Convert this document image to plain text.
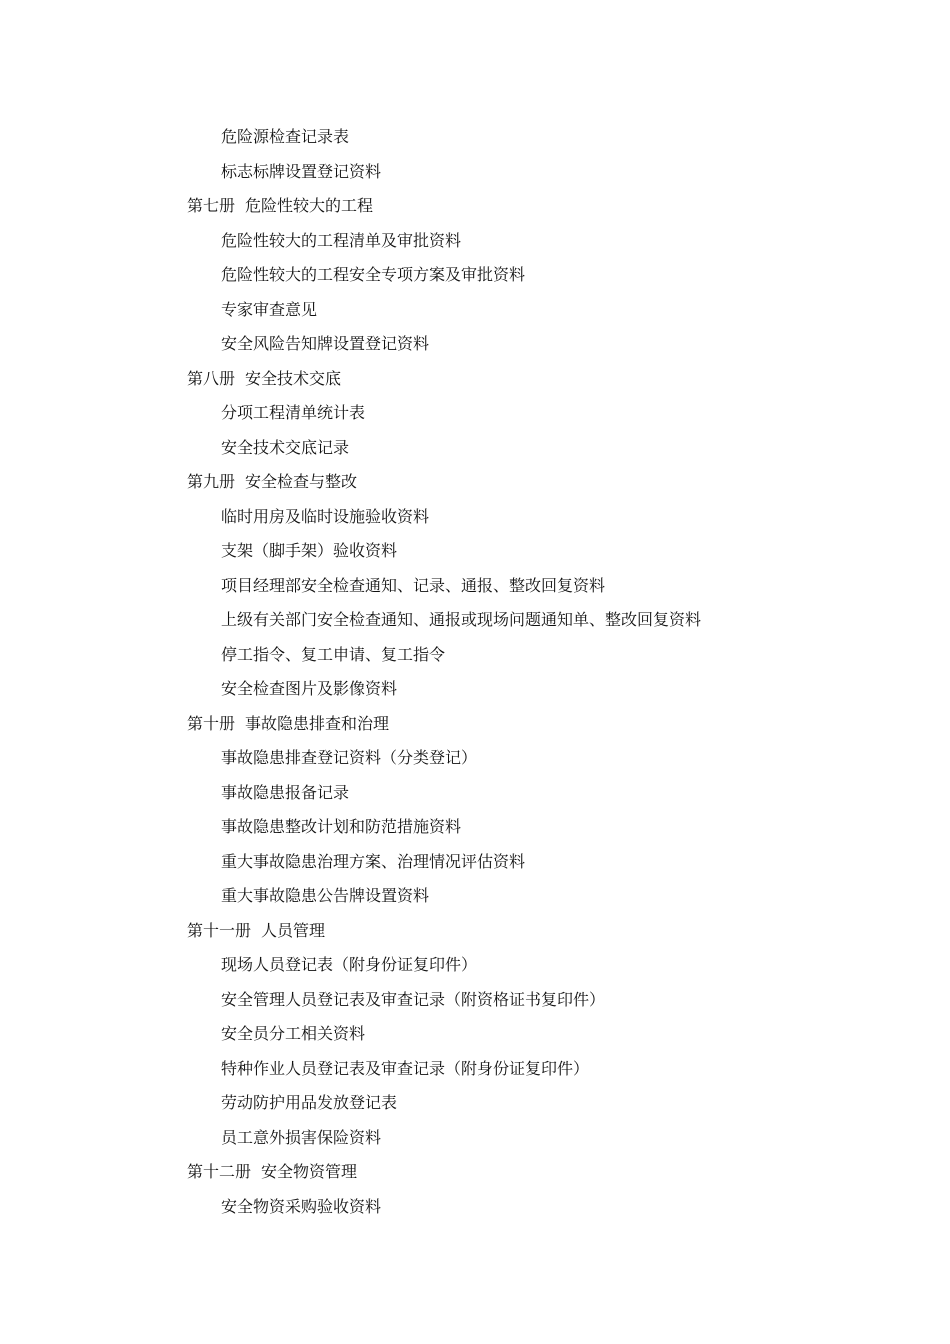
危险源检查记录表
标志标牌设置登记资料
第七册 危险性较大的工程
危险性较大的工程清单及审批资料
危险性较大的工程安全专项方案及审批资料
专家审查意见
安全风险告知牌设置登记资料
第八册 安全技术交底
分项工程清单统计表
安全技术交底记录
第九册 安全检查与整改
临时用房及临时设施验收资料
支架（脚手架）验收资料
项目经理部安全检查通知、记录、通报、整改回复资料
上级有关部门安全检查通知、通报或现场问题通知单、整改回复资料
停工指令、复工申请、复工指令
安全检查图片及影像资料
第十册 事故隐患排查和治理
事故隐患排查登记资料（分类登记）
事故隐患报备记录
事故隐患整改计划和防范措施资料
重大事故隐患治理方案、治理情况评估资料
重大事故隐患公告牌设置资料
第十一册 人员管理
现场人员登记表（附身份证复印件）
安全管理人员登记表及审查记录（附资格证书复印件）
安全员分工相关资料
特种作业人员登记表及审查记录（附身份证复印件）
劳动防护用品发放登记表
员工意外损害保险资料
第十二册 安全物资管理
安全物资采购验收资料
